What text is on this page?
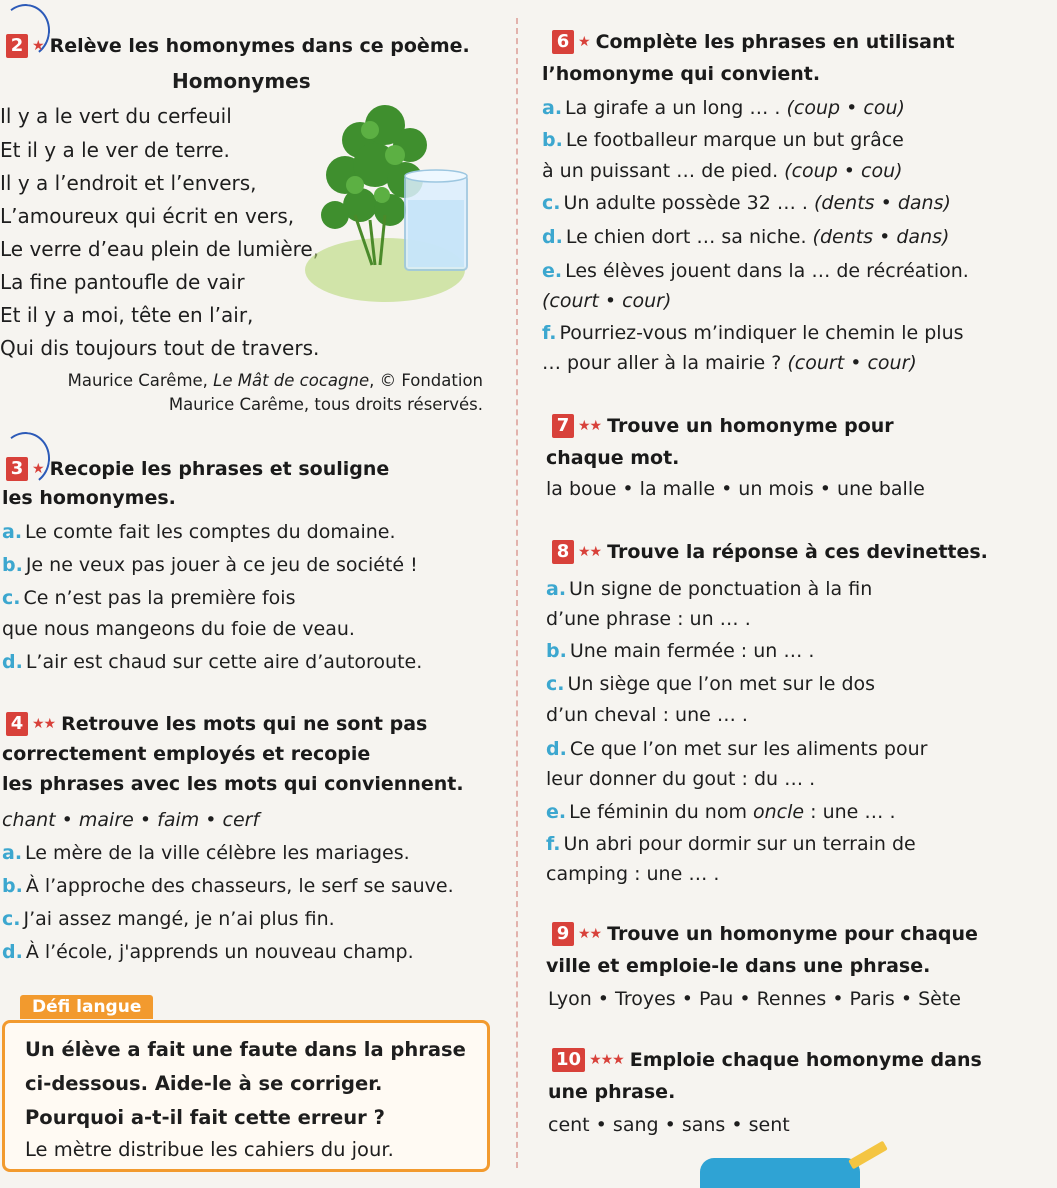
2 ★ Relève les homonymes dans ce poème.
Homonymes
Il y a le vert du cerfeuil
Et il y a le ver de terre.
Il y a l’endroit et l’envers,
L’amoureux qui écrit en vers,
Le verre d’eau plein de lumière,
La fine pantoufle de vair
Et il y a moi, tête en l’air,
Qui dis toujours tout de travers.
Maurice Carême, Le Mât de cocagne, © Fondation
Maurice Carême, tous droits réservés.
3 ★ Recopie les phrases et souligne
les homonymes.
a. Le comte fait les comptes du domaine.
b. Je ne veux pas jouer à ce jeu de société !
c. Ce n’est pas la première fois
que nous mangeons du foie de veau.
d. L’air est chaud sur cette aire d’autoroute.
4 ★★ Retrouve les mots qui ne sont pas
correctement employés et recopie
les phrases avec les mots qui conviennent.
chant • maire • faim • cerf
a. Le mère de la ville célèbre les mariages.
b. À l’approche des chasseurs, le serf se sauve.
c. J’ai assez mangé, je n’ai plus fin.
d. À l’école, j'apprends un nouveau champ.
Défi langue
Un élève a fait une faute dans la phrase
ci-dessous. Aide-le à se corriger.
Pourquoi a-t-il fait cette erreur ?
Le mètre distribue les cahiers du jour.
6 ★ Complète les phrases en utilisant
l’homonyme qui convient.
a. La girafe a un long … . (coup • cou)
b. Le footballeur marque un but grâce
à un puissant … de pied. (coup • cou)
c. Un adulte possède 32 … . (dents • dans)
d. Le chien dort … sa niche. (dents • dans)
e. Les élèves jouent dans la … de récréation.
(court • cour)
f. Pourriez-vous m’indiquer le chemin le plus
… pour aller à la mairie ? (court • cour)
7 ★★ Trouve un homonyme pour
chaque mot.
la boue • la malle • un mois • une balle
8 ★★ Trouve la réponse à ces devinettes.
a. Un signe de ponctuation à la fin
d’une phrase : un … .
b. Une main fermée : un … .
c. Un siège que l’on met sur le dos
d’un cheval : une … .
d. Ce que l’on met sur les aliments pour
leur donner du gout : du … .
e. Le féminin du nom oncle : une … .
f. Un abri pour dormir sur un terrain de
camping : une … .
9 ★★ Trouve un homonyme pour chaque
ville et emploie-le dans une phrase.
Lyon • Troyes • Pau • Rennes • Paris • Sète
10 ★★★ Emploie chaque homonyme dans
une phrase.
cent • sang • sans • sent
